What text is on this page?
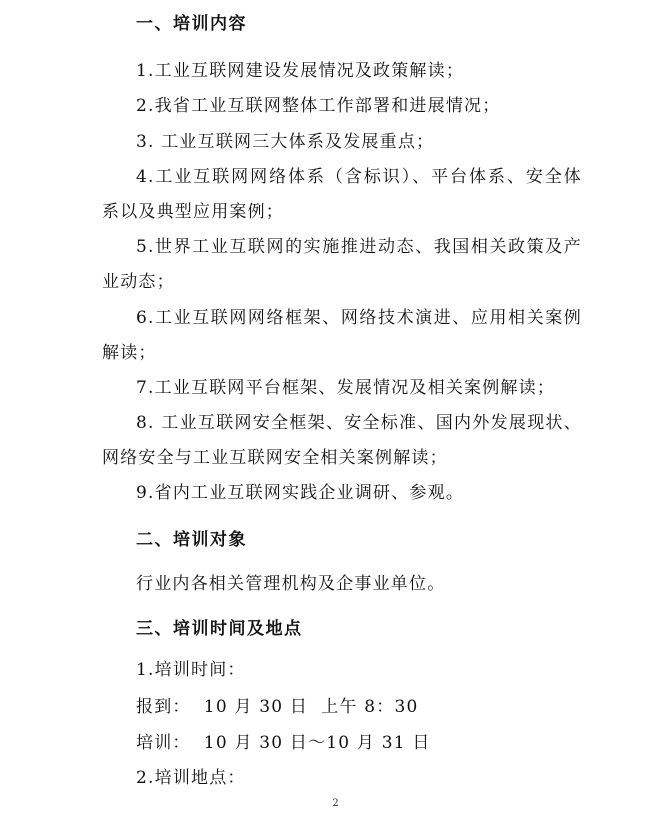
一、培训内容
1.工业互联网建设发展情况及政策解读；
2.我省工业互联网整体工作部署和进展情况；
3. 工业互联网三大体系及发展重点；
4.工业互联网网络体系（含标识）、平台体系、安全体
系以及典型应用案例；
5.世界工业互联网的实施推进动态、我国相关政策及产
业动态；
6.工业互联网网络框架、网络技术演进、应用相关案例
解读；
7.工业互联网平台框架、发展情况及相关案例解读；
8. 工业互联网安全框架、安全标准、国内外发展现状、
网络安全与工业互联网安全相关案例解读；
9.省内工业互联网实践企业调研、参观。
二、培训对象
行业内各相关管理机构及企事业单位。
三、培训时间及地点
1.培训时间：
报到：  10 月 30 日  上午 8：30
培训：  10 月 30 日～10 月 31 日
2.培训地点：
2
